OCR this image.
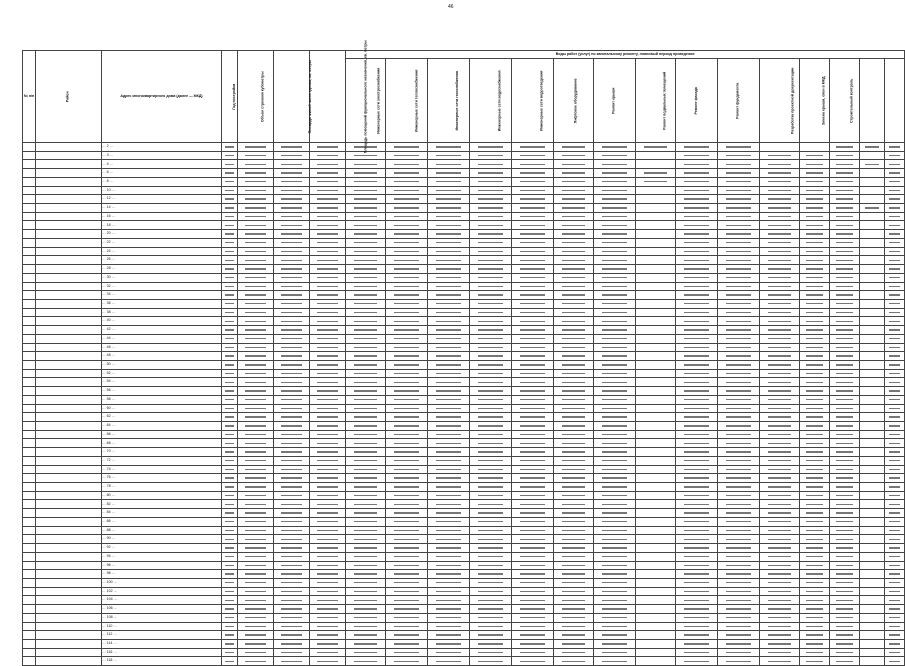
46
№ п/п	Район	Адрес многоквартирного дома (далее — МКД)	Год постройки	Объем строения кубометры	Площадь жилой части здания, кв. метры	Площадь помещений функционального назначения, кв. метры	Виды работ (услуг) по капитальному ремонту, плановый период проведения														
							Инженерные сети электроснабжения	Инженерные сети теплоснабжения	Инженерные сети газоснабжения	Инженерные сети водоснабжения	Инженерные сети водоотведения	Лифтовое оборудование	Ремонт крыши	Ремонт подвальных помещений	Ремонт фасада	Ремонт фундамента	Разработка проектной документации	Замена крыши, окон в МКД	Строительный контроль		
		… 2 …	

		… 3 …	

		… 4 …	

		… 6 …	

		… 8 …	

		… 10 …	

		… 12 …	

		… 14 …	

		… 16 …	

		… 18 …	

		… 20 …	

		… 22 …	

		… 24 …	

		… 26 …	

		… 28 …	

		… 30 …	

		… 32 …	

		… 34 …	

		… 36 …	

		… 38 …	

		… 40 …	

		… 42 …	

		… 44 …	

		… 46 …	

		… 48 …	

		… 50 …	

		… 52 …	

		… 54 …	

		… 56 …	

		… 58 …	

		… 60 …	

		… 62 …	

		… 64 …	

		… 66 …	

		… 68 …	

		… 70 …	

		… 72 …	

		… 74 …	

		… 76 …	

		… 78 …	

		… 80 …	

		… 82 …	

		… 84 …	

		… 86 …	

		… 88 …	

		… 90 …	

		… 92 …	

		… 94 …	

		… 96 …	

		… 98 …	

		… 100 …	

		… 102 …	

		… 104 …	

		… 106 …	

		… 108 …	

		… 110 …	

		… 112 …	

		… 114 …	

		… 116 …	

		… 118 …	
